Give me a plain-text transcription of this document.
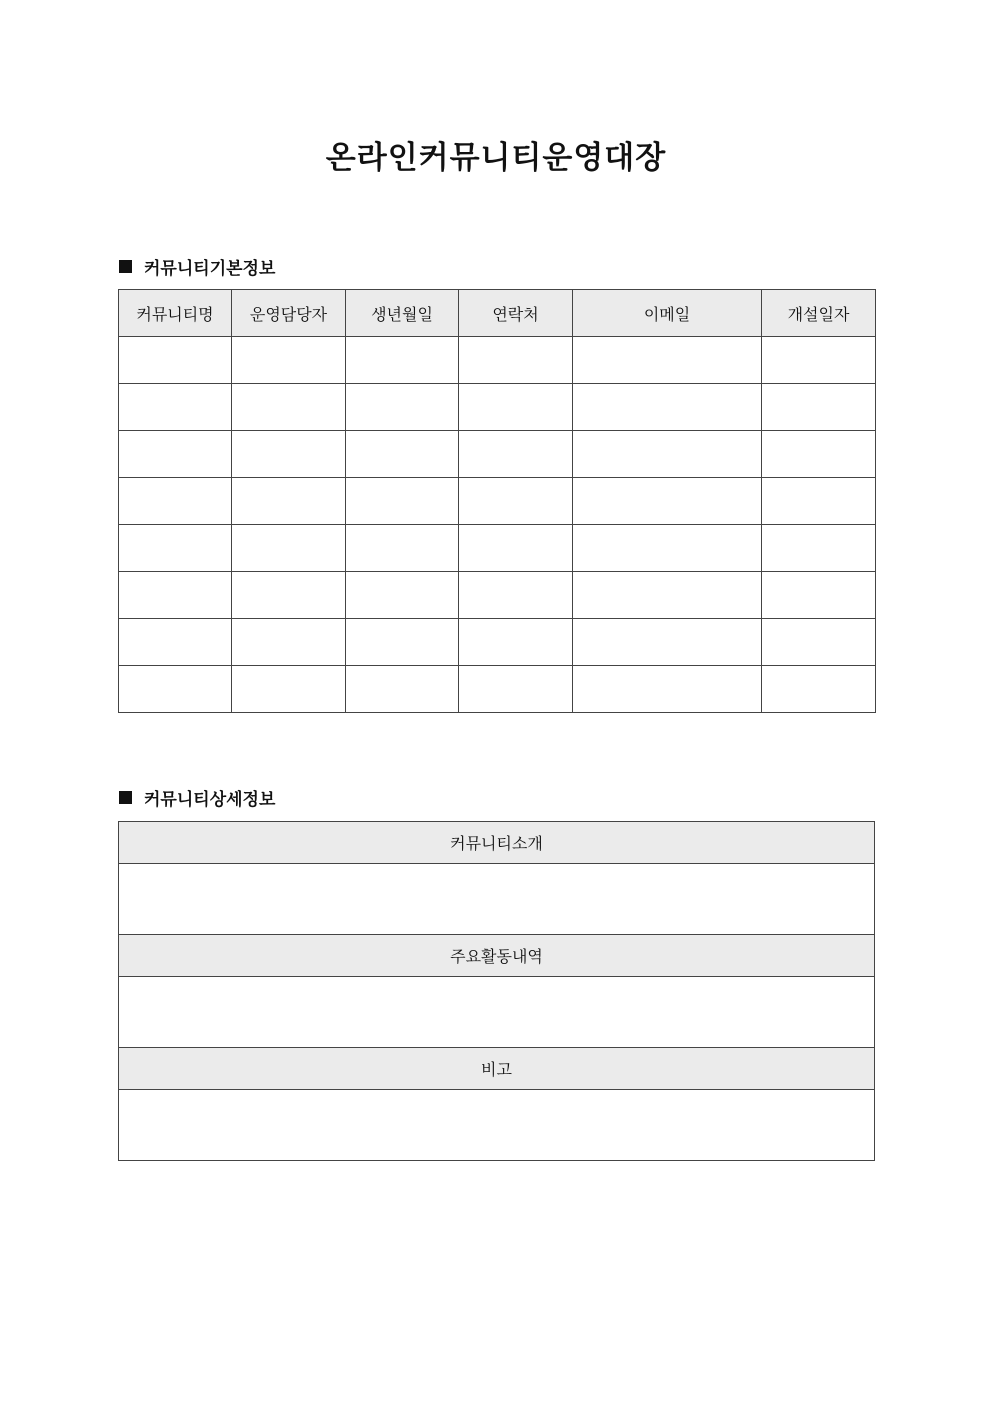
온라인커뮤니티운영대장
커뮤니티기본정보
커뮤니티명	운영담당자	생년월일	연락처	이메일	개설일자

커뮤니티상세정보
커뮤니티소개

주요활동내역

비고
